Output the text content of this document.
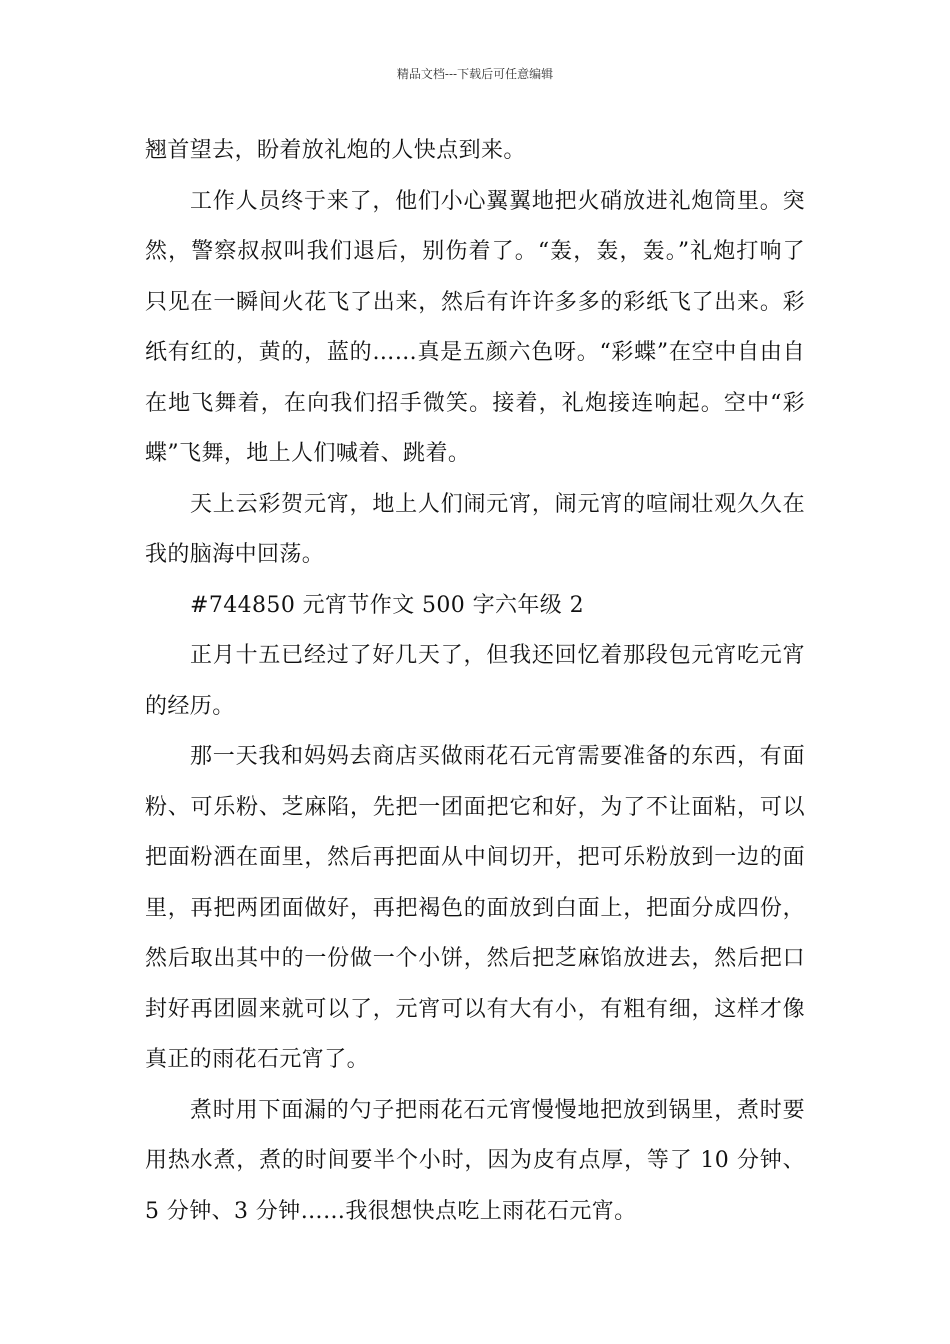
精品文档---下载后可任意编辑

翘首望去，盼着放礼炮的人快点到来。

工作人员终于来了，他们小心翼翼地把火硝放进礼炮筒里。突然，警察叔叔叫我们退后，别伤着了。“轰，轰，轰。”礼炮打响了只见在一瞬间火花飞了出来，然后有许许多多的彩纸飞了出来。彩纸有红的，黄的，蓝的……真是五颜六色呀。“彩蝶”在空中自由自在地飞舞着，在向我们招手微笑。接着，礼炮接连响起。空中“彩蝶”飞舞，地上人们喊着、跳着。

天上云彩贺元宵，地上人们闹元宵，闹元宵的喧闹壮观久久在我的脑海中回荡。

#744850 元宵节作文 500 字六年级 2

正月十五已经过了好几天了，但我还回忆着那段包元宵吃元宵的经历。

那一天我和妈妈去商店买做雨花石元宵需要准备的东西，有面粉、可乐粉、芝麻陷，先把一团面把它和好，为了不让面粘，可以把面粉洒在面里，然后再把面从中间切开，把可乐粉放到一边的面里，再把两团面做好，再把褐色的面放到白面上，把面分成四份，然后取出其中的一份做一个小饼，然后把芝麻馅放进去，然后把口封好再团圆来就可以了，元宵可以有大有小，有粗有细，这样才像真正的雨花石元宵了。

煮时用下面漏的勺子把雨花石元宵慢慢地把放到锅里，煮时要用热水煮，煮的时间要半个小时，因为皮有点厚，等了 10 分钟、5 分钟、3 分钟……我很想快点吃上雨花石元宵。
